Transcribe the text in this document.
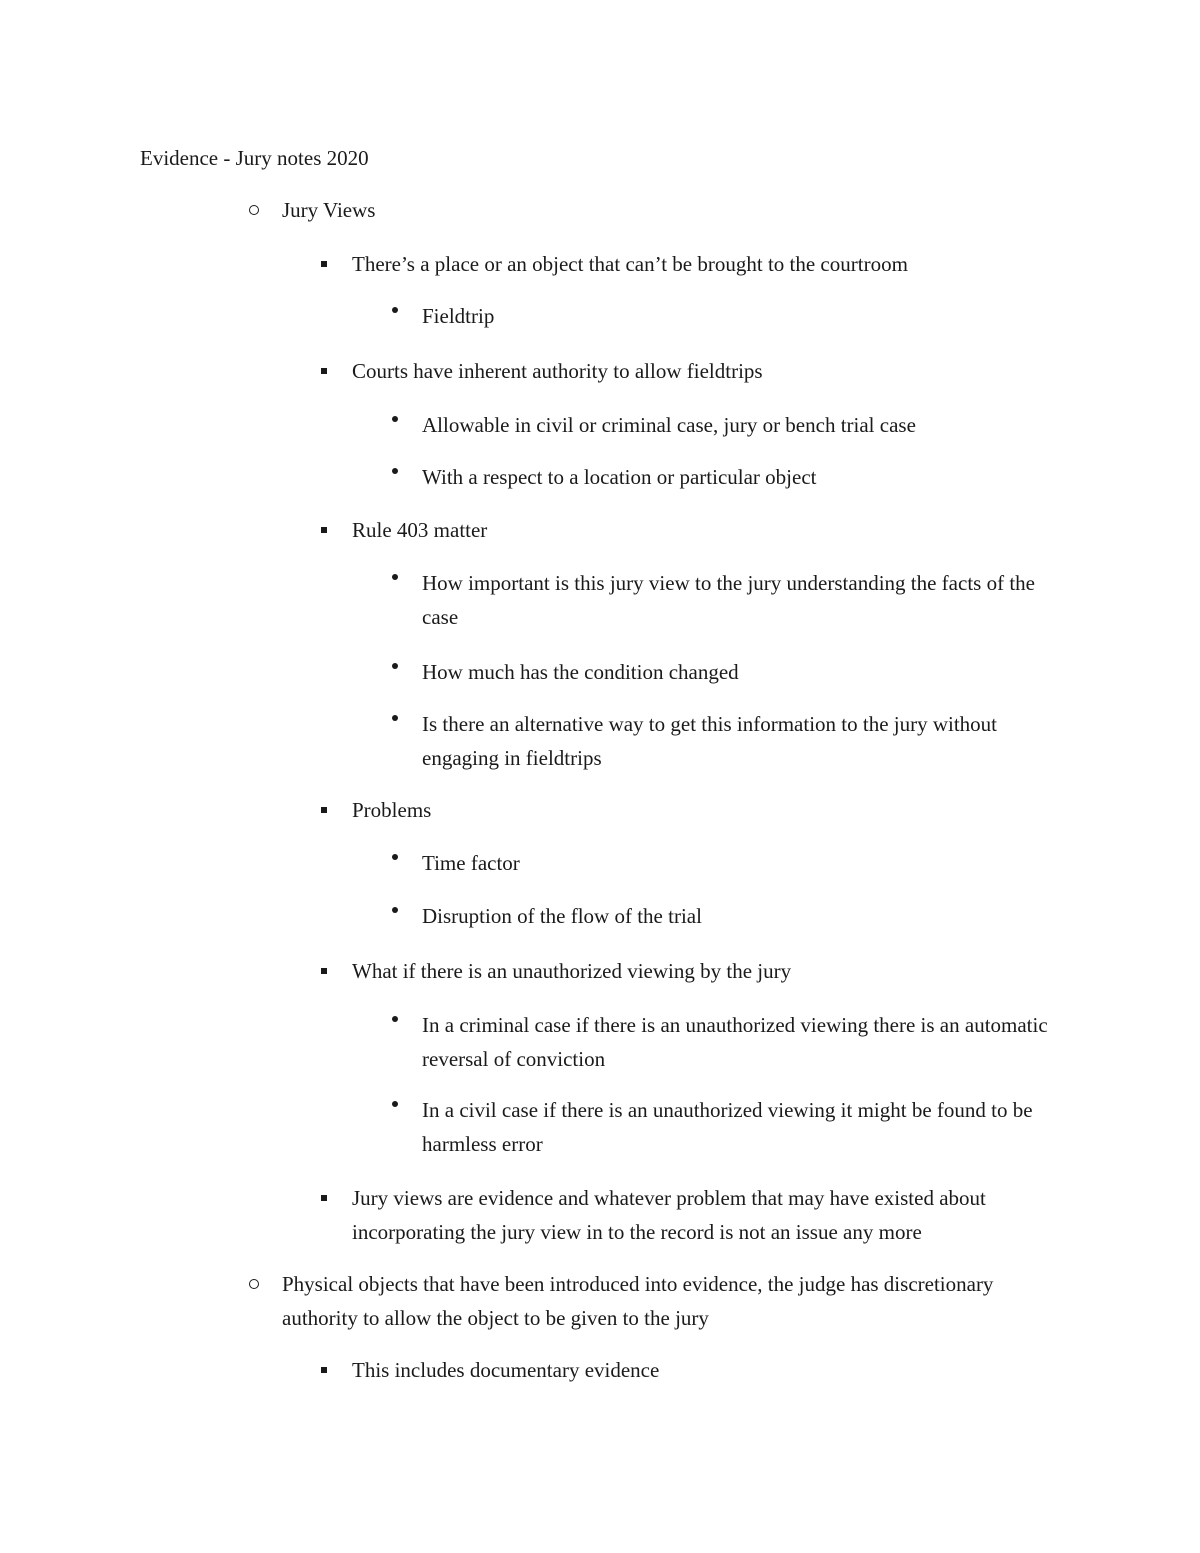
Evidence - Jury notes 2020
Jury Views
There’s a place or an object that can’t be brought to the courtroom
Fieldtrip
Courts have inherent authority to allow fieldtrips
Allowable in civil or criminal case, jury or bench trial case
With a respect to a location or particular object
Rule 403 matter
How important is this jury view to the jury understanding the facts of the case
How much has the condition changed
Is there an alternative way to get this information to the jury without engaging in fieldtrips
Problems
Time factor
Disruption of the flow of the trial
What if there is an unauthorized viewing by the jury
In a criminal case if there is an unauthorized viewing there is an automatic reversal of conviction
In a civil case if there is an unauthorized viewing it might be found to be harmless error
Jury views are evidence and whatever problem that may have existed about incorporating the jury view in to the record is not an issue any more
Physical objects that have been introduced into evidence, the judge has discretionary authority to allow the object to be given to the jury
This includes documentary evidence
